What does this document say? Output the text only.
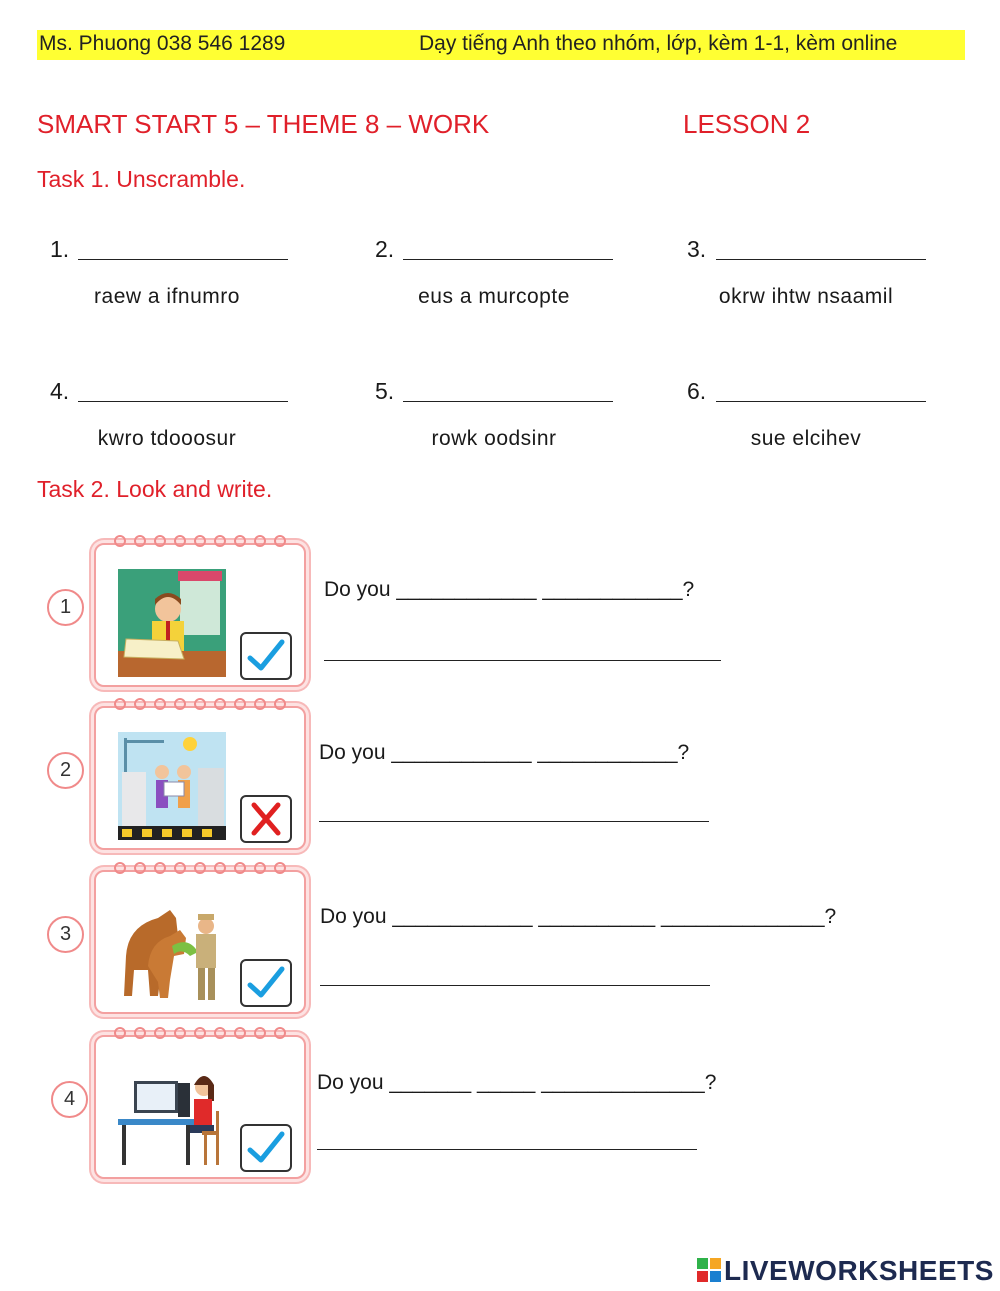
Ms. Phuong 038 546 1289	Dạy tiếng Anh theo nhóm, lớp, kèm 1-1, kèm online
SMART START 5 – THEME 8 – WORK	LESSON 2
Task 1. Unscramble.
1.
raew a ifnumro
2.
eus a murcopte
3.
okrw ihtw nsaamil
4.
kwro tdooosur
5.
rowk oodsinr
6.
sue elcihev
Task 2. Look and write.
1
Do you ____________ ____________?
2
Do you ____________ ____________?
3
Do you ____________ __________ ______________?
4
Do you _______ _____ ______________?
LIVEWORKSHEETS
